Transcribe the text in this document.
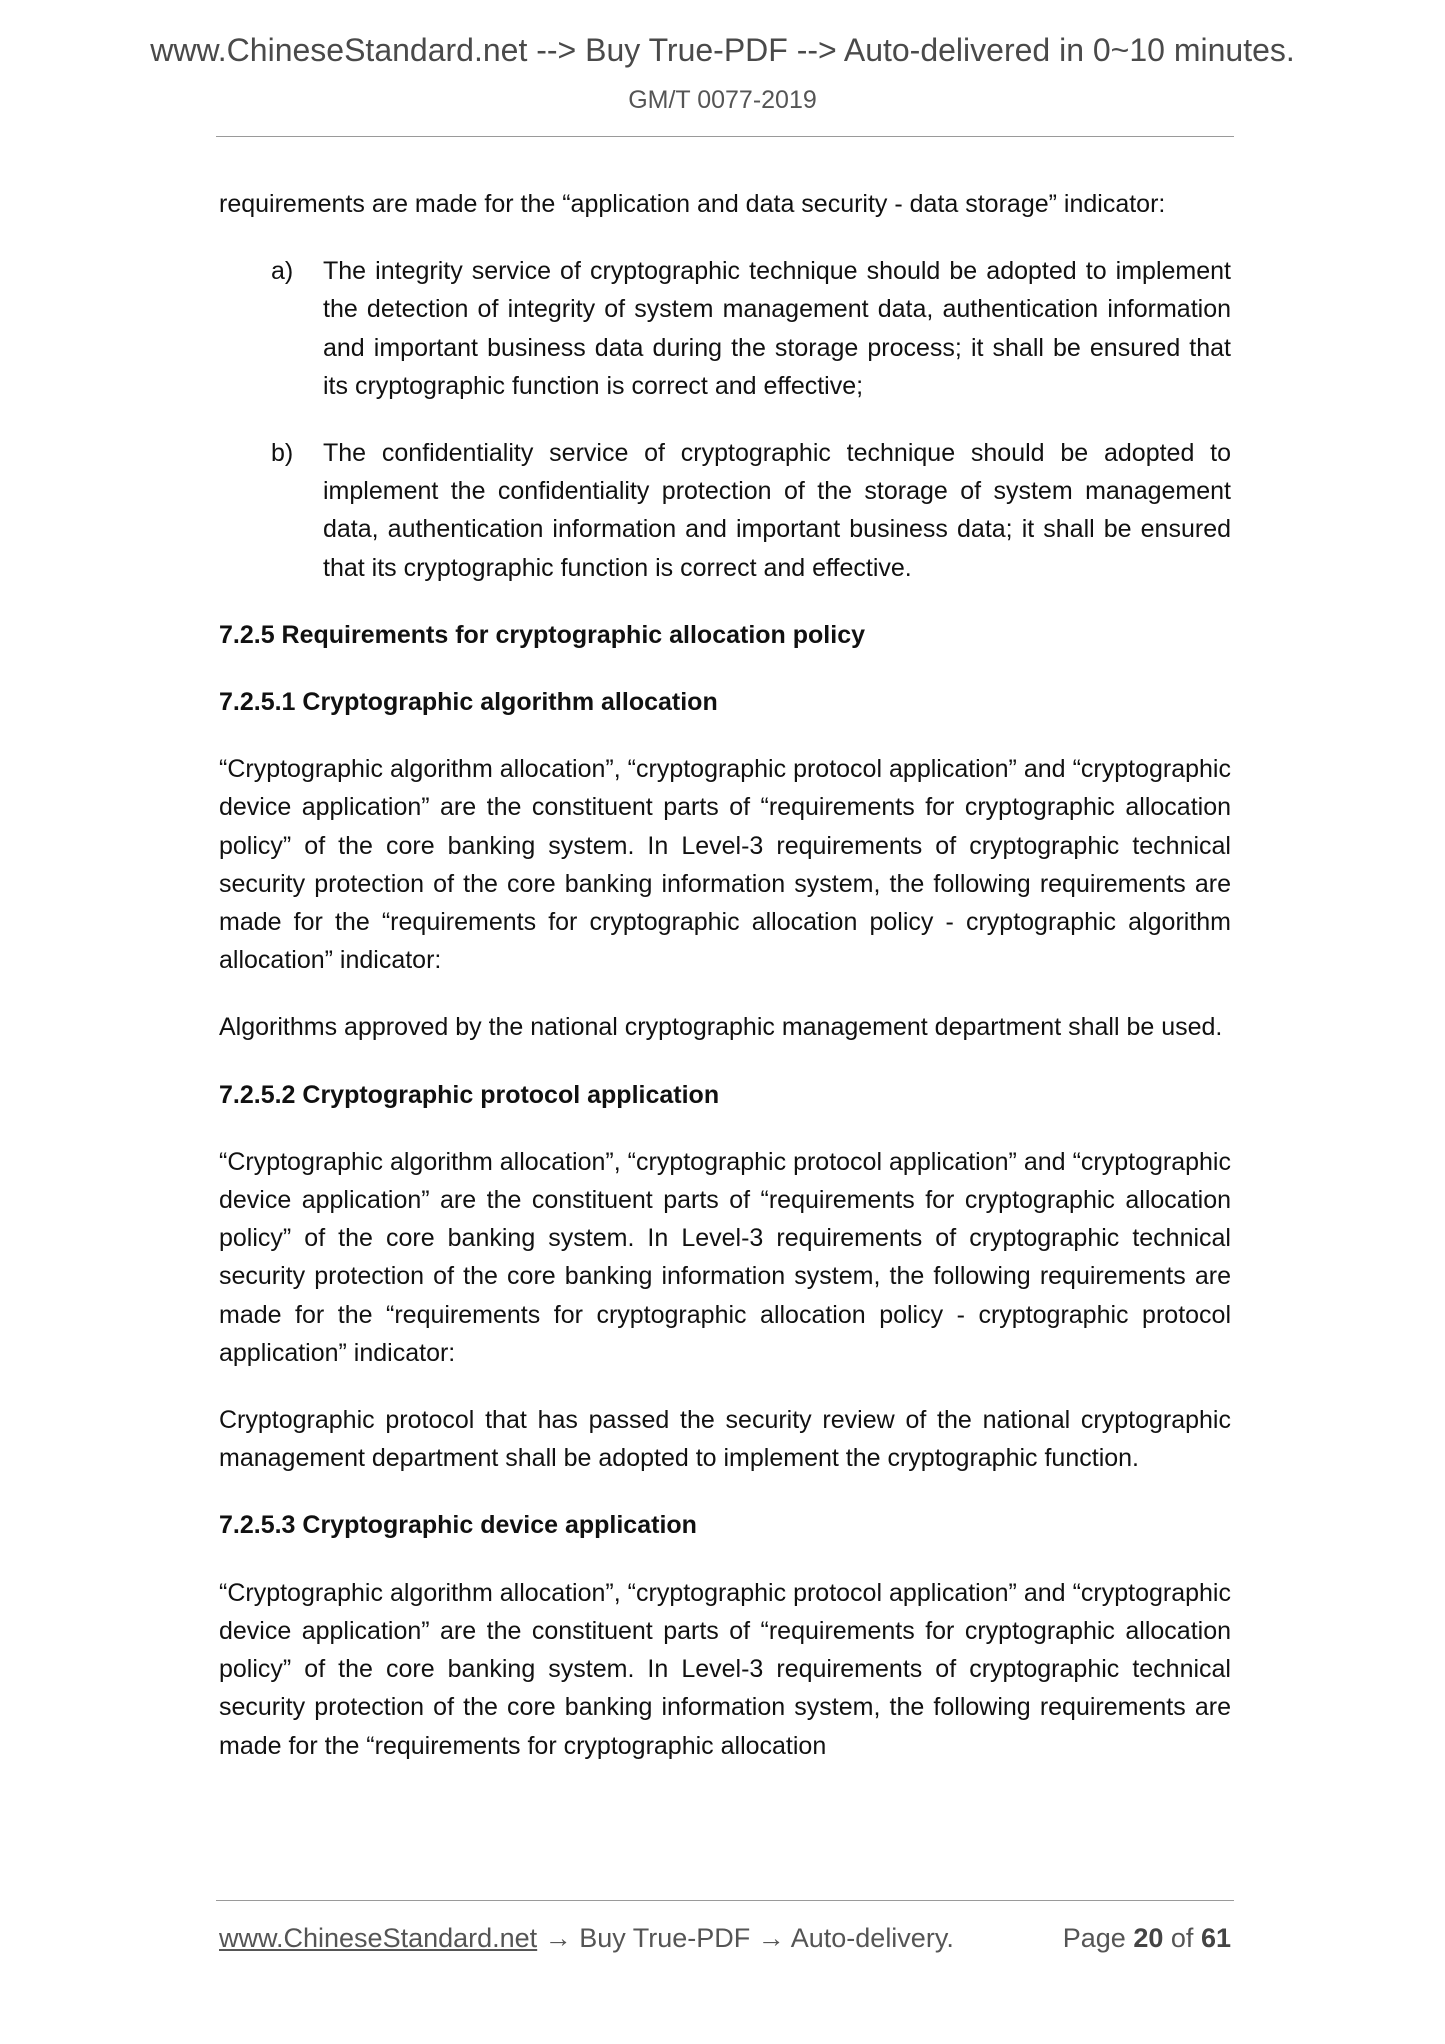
www.ChineseStandard.net --> Buy True-PDF --> Auto-delivered in 0~10 minutes.
GM/T 0077-2019

requirements are made for the “application and data security - data storage” indicator:

a) The integrity service of cryptographic technique should be adopted to implement the detection of integrity of system management data, authentication information and important business data during the storage process; it shall be ensured that its cryptographic function is correct and effective;
b) The confidentiality service of cryptographic technique should be adopted to implement the confidentiality protection of the storage of system management data, authentication information and important business data; it shall be ensured that its cryptographic function is correct and effective.
7.2.5 Requirements for cryptographic allocation policy
7.2.5.1 Cryptographic algorithm allocation

“Cryptographic algorithm allocation”, “cryptographic protocol application” and “cryptographic device application” are the constituent parts of “requirements for cryptographic allocation policy” of the core banking system. In Level-3 requirements of cryptographic technical security protection of the core banking information system, the following requirements are made for the “requirements for cryptographic allocation policy - cryptographic algorithm allocation” indicator:

Algorithms approved by the national cryptographic management department shall be used.

7.2.5.2 Cryptographic protocol application

“Cryptographic algorithm allocation”, “cryptographic protocol application” and “cryptographic device application” are the constituent parts of “requirements for cryptographic allocation policy” of the core banking system. In Level-3 requirements of cryptographic technical security protection of the core banking information system, the following requirements are made for the “requirements for cryptographic allocation policy - cryptographic protocol application” indicator:

Cryptographic protocol that has passed the security review of the national cryptographic management department shall be adopted to implement the cryptographic function.

7.2.5.3 Cryptographic device application

“Cryptographic algorithm allocation”, “cryptographic protocol application” and “cryptographic device application” are the constituent parts of “requirements for cryptographic allocation policy” of the core banking system. In Level-3 requirements of cryptographic technical security protection of the core banking information system, the following requirements are made for the “requirements for cryptographic allocation

www.ChineseStandard.net → Buy True-PDF → Auto-delivery.	Page 20 of 61
